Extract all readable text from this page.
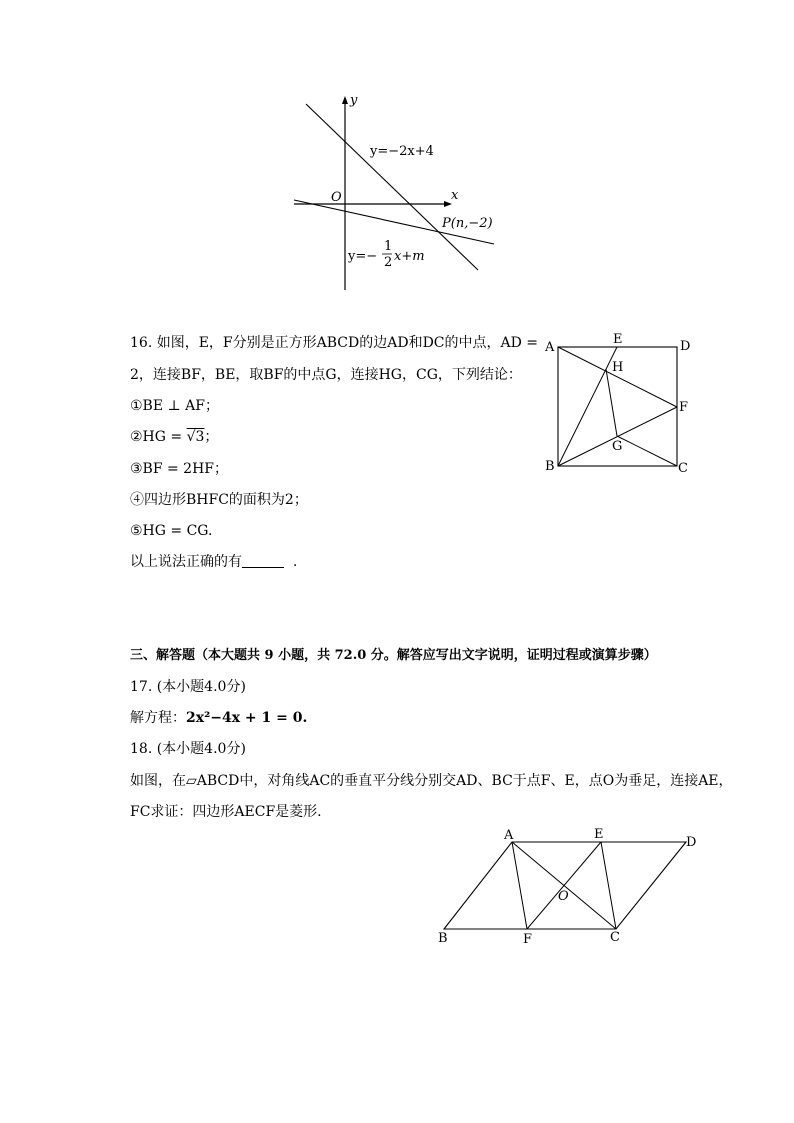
y
x
O
y=−2x+4
P(n,−2)
y=−
1
2 x+m
16. 如图，E，F分别是正方形ABCD的边AD和DC的中点，AD =
2，连接BF，BE，取BF的中点G，连接HG，CG，下列结论：
①BE ⊥ AF；
②HG = √3；
③BF = 2HF；
④四边形BHFC的面积为2；
⑤HG = CG.
以上说法正确的有	.
A
E	D
H
F
G
B	C
三、解答题（本大题共 9 小题，共 72.0 分。解答应写出文字说明，证明过程或演算步骤）
17. (本小题4.0分)
解方程：2x²−4x + 1 = 0.
18. (本小题4.0分)
如图，在▱ABCD中，对角线AC的垂直平分线分别交AD、BC于点F、E，点O为垂足，连接AE，
FC求证：四边形AECF是菱形.
A	E
D
O
B	F	C
